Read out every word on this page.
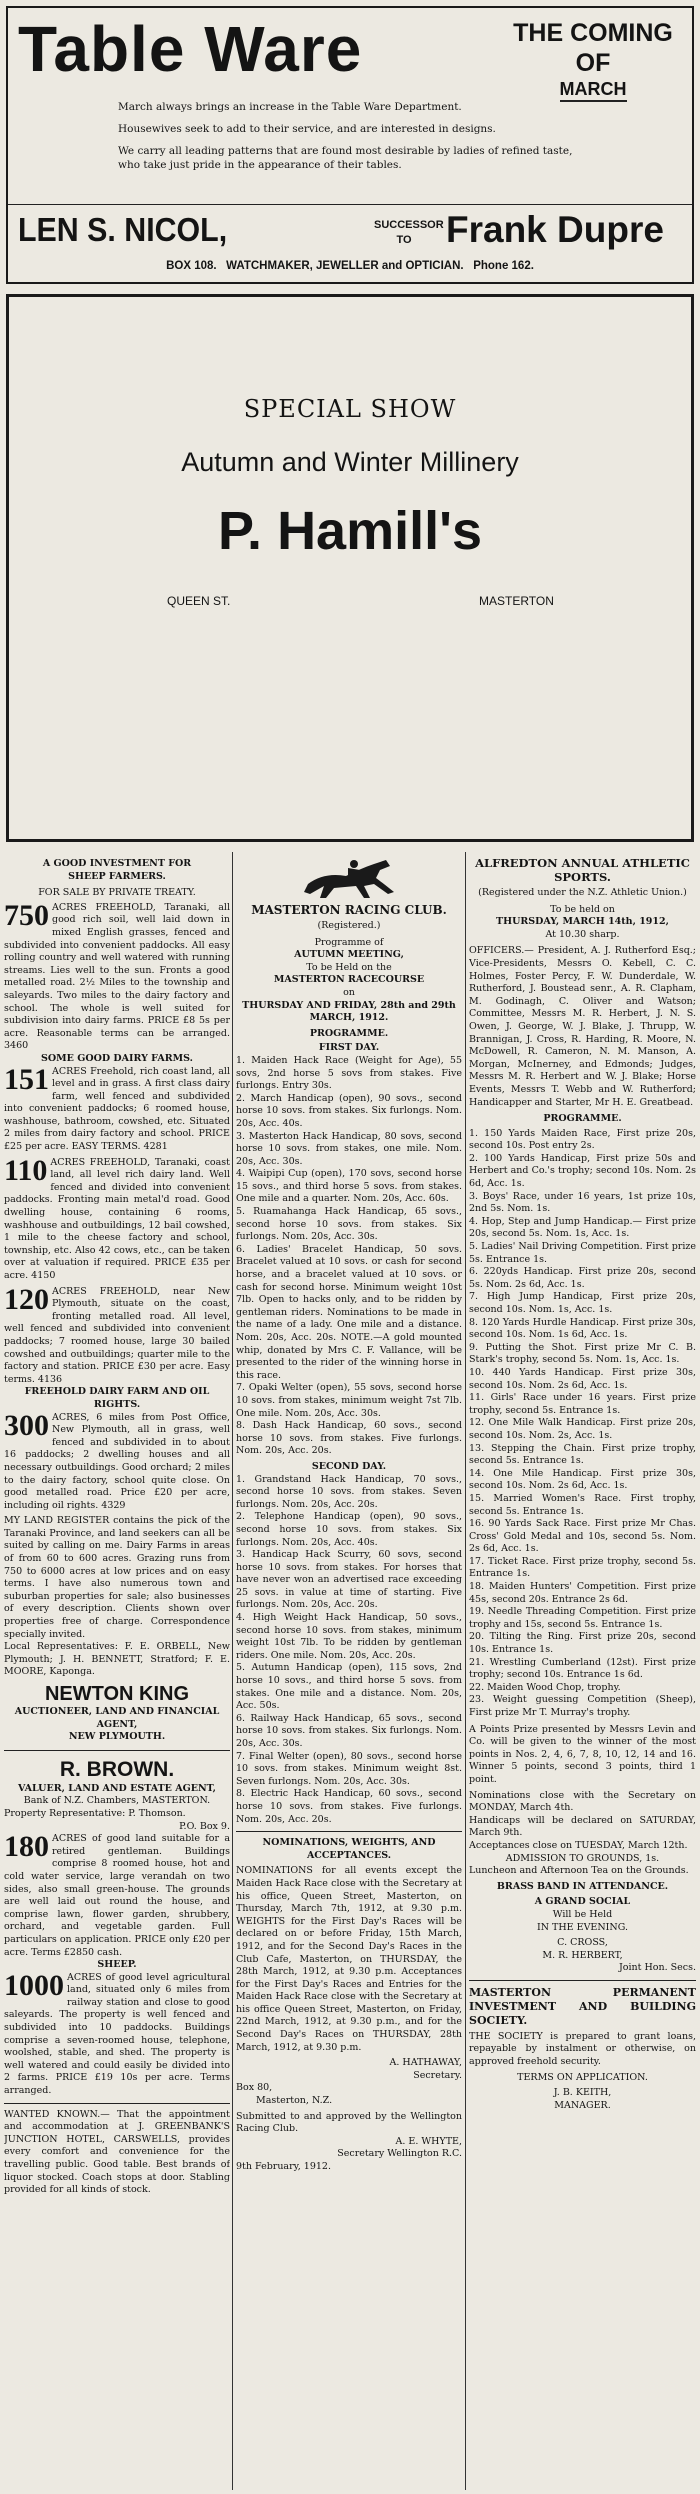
Table Ware	THE COMING OF
MARCH

March always brings an increase in the Table Ware Department.

Housewives seek to add to their service, and are interested in designs.

We carry all leading patterns that are found most desirable by ladies of refined taste, who take just pride in the appearance of their tables.

LEN S. NICOL,	SUCCESSOR TO Frank Dupre
BOX 108.   WATCHMAKER, JEWELLER and OPTICIAN.   Phone 162.
SPECIAL SHOW
Autumn and Winter Millinery
P. Hamill's
QUEEN ST.	MASTERTON
A GOOD INVESTMENT FOR
SHEEP FARMERS.
FOR SALE BY PRIVATE TREATY.
750 ACRES FREEHOLD, Taranaki, all good rich soil, well laid down in mixed English grasses, fenced and subdivided into convenient paddocks. All easy rolling country and well watered with running streams. Lies well to the sun. Fronts a good metalled road. 2½ Miles to the township and saleyards. Two miles to the dairy factory and school. The whole is well suited for subdivision into dairy farms. PRICE £8 5s per acre. Reasonable terms can be arranged. 3460
SOME GOOD DAIRY FARMS.
151 ACRES Freehold, rich coast land, all level and in grass. A first class dairy farm, well fenced and subdivided into convenient paddocks; 6 roomed house, washhouse, bathroom, cowshed, etc. Situated 2 miles from dairy factory and school. PRICE £25 per acre. EASY TERMS. 4281
110 ACRES FREEHOLD, Taranaki, coast land, all level rich dairy land. Well fenced and divided into convenient paddocks. Fronting main metal'd road. Good dwelling house, containing 6 rooms, washhouse and outbuildings, 12 bail cowshed, 1 mile to the cheese factory and school, township, etc. Also 42 cows, etc., can be taken over at valuation if required. PRICE £35 per acre. 4150
120 ACRES FREEHOLD, near New Plymouth, situate on the coast, fronting metalled road. All level, well fenced and subdivided into convenient paddocks; 7 roomed house, large 30 bailed cowshed and outbuildings; quarter mile to the factory and station. PRICE £30 per acre. Easy terms. 4136
FREEHOLD DAIRY FARM AND OIL RIGHTS.
300 ACRES, 6 miles from Post Office, New Plymouth, all in grass, well fenced and subdivided in to about 16 paddocks; 2 dwelling houses and all necessary outbuildings. Good orchard; 2 miles to the dairy factory, school quite close. On good metalled road. Price £20 per acre, including oil rights. 4329

MY LAND REGISTER contains the pick of the Taranaki Province, and land seekers can all be suited by calling on me. Dairy Farms in areas of from 60 to 600 acres. Grazing runs from 750 to 6000 acres at low prices and on easy terms. I have also numerous town and suburban properties for sale; also businesses of every description. Clients shown over properties free of charge. Correspondence specially invited.

Local Representatives: F. E. ORBELL, New Plymouth; J. H. BENNETT, Stratford; F. E. MOORE, Kaponga.

NEWTON KING
AUCTIONEER, LAND AND FINANCIAL AGENT,
NEW PLYMOUTH.
R. BROWN.
VALUER, LAND AND ESTATE AGENT,
Bank of N.Z. Chambers, MASTERTON.
Property Representative: P. Thomson.
P.O. Box 9.
180 ACRES of good land suitable for a retired gentleman. Buildings comprise 8 roomed house, hot and cold water service, large verandah on two sides, also small green-house. The grounds are well laid out round the house, and comprise lawn, flower garden, shrubbery, orchard, and vegetable garden. Full particulars on application. PRICE only £20 per acre. Terms £2850 cash.
SHEEP.
1000 ACRES of good level agricultural land, situated only 6 miles from railway station and close to good saleyards. The property is well fenced and subdivided into 10 paddocks. Buildings comprise a seven-roomed house, telephone, woolshed, stable, and shed. The property is well watered and could easily be divided into 2 farms. PRICE £19 10s per acre. Terms arranged.

WANTED KNOWN.— That the appointment and accommodation at J. GREENBANK'S JUNCTION HOTEL, CARSWELLS, provides every comfort and convenience for the travelling public. Good table. Best brands of liquor stocked. Coach stops at door. Stabling provided for all kinds of stock.

MASTERTON RACING CLUB.
(Registered.)
Programme of
AUTUMN MEETING,
To be Held on the
MASTERTON RACECOURSE
on
THURSDAY AND FRIDAY, 28th and 29th MARCH, 1912.
PROGRAMME.
FIRST DAY.

1. Maiden Hack Race (Weight for Age), 55 sovs, 2nd horse 5 sovs from stakes. Five furlongs. Entry 30s.

2. March Handicap (open), 90 sovs., second horse 10 sovs. from stakes. Six furlongs. Nom. 20s, Acc. 40s.

3. Masterton Hack Handicap, 80 sovs, second horse 10 sovs. from stakes, one mile. Nom. 20s, Acc. 30s.

4. Waipipi Cup (open), 170 sovs, second horse 15 sovs., and third horse 5 sovs. from stakes. One mile and a quarter. Nom. 20s, Acc. 60s.

5. Ruamahanga Hack Handicap, 65 sovs., second horse 10 sovs. from stakes. Six furlongs. Nom. 20s, Acc. 30s.

6. Ladies' Bracelet Handicap, 50 sovs. Bracelet valued at 10 sovs. or cash for second horse, and a bracelet valued at 10 sovs. or cash for second horse. Minimum weight 10st 7lb. Open to hacks only, and to be ridden by gentleman riders. Nominations to be made in the name of a lady. One mile and a distance. Nom. 20s, Acc. 20s. NOTE.—A gold mounted whip, donated by Mrs C. F. Vallance, will be presented to the rider of the winning horse in this race.

7. Opaki Welter (open), 55 sovs, second horse 10 sovs. from stakes, minimum weight 7st 7lb. One mile. Nom. 20s, Acc. 30s.

8. Dash Hack Handicap, 60 sovs., second horse 10 sovs. from stakes. Five furlongs. Nom. 20s, Acc. 20s.

SECOND DAY.

1. Grandstand Hack Handicap, 70 sovs., second horse 10 sovs. from stakes. Seven furlongs. Nom. 20s, Acc. 20s.

2. Telephone Handicap (open), 90 sovs., second horse 10 sovs. from stakes. Six furlongs. Nom. 20s, Acc. 40s.

3. Handicap Hack Scurry, 60 sovs, second horse 10 sovs. from stakes. For horses that have never won an advertised race exceeding 25 sovs. in value at time of starting. Five furlongs. Nom. 20s, Acc. 20s.

4. High Weight Hack Handicap, 50 sovs., second horse 10 sovs. from stakes, minimum weight 10st 7lb. To be ridden by gentleman riders. One mile. Nom. 20s, Acc. 20s.

5. Autumn Handicap (open), 115 sovs, 2nd horse 10 sovs., and third horse 5 sovs. from stakes. One mile and a distance. Nom. 20s, Acc. 50s.

6. Railway Hack Handicap, 65 sovs., second horse 10 sovs. from stakes. Six furlongs. Nom. 20s, Acc. 30s.

7. Final Welter (open), 80 sovs., second horse 10 sovs. from stakes. Minimum weight 8st. Seven furlongs. Nom. 20s, Acc. 30s.

8. Electric Hack Handicap, 60 sovs., second horse 10 sovs. from stakes. Five furlongs. Nom. 20s, Acc. 20s.

NOMINATIONS, WEIGHTS, AND ACCEPTANCES.

NOMINATIONS for all events except the Maiden Hack Race close with the Secretary at his office, Queen Street, Masterton, on Thursday, March 7th, 1912, at 9.30 p.m. WEIGHTS for the First Day's Races will be declared on or before Friday, 15th March, 1912, and for the Second Day's Races in the Club Cafe, Masterton, on THURSDAY, the 28th March, 1912, at 9.30 p.m. Acceptances for the First Day's Races and Entries for the Maiden Hack Race close with the Secretary at his office Queen Street, Masterton, on Friday, 22nd March, 1912, at 9.30 p.m., and for the Second Day's Races on THURSDAY, 28th March, 1912, at 9.30 p.m.

A. HATHAWAY,
Secretary.
Box 80,
Masterton, N.Z.

Submitted to and approved by the Wellington Racing Club.

A. E. WHYTE,
Secretary Wellington R.C.
9th February, 1912.
ALFREDTON ANNUAL ATHLETIC SPORTS.
(Registered under the N.Z. Athletic Union.)
To be held on
THURSDAY, MARCH 14th, 1912,
At 10.30 sharp.

OFFICERS.— President, A. J. Rutherford Esq.; Vice-Presidents, Messrs O. Kebell, C. C. Holmes, Foster Percy, F. W. Dunderdale, W. Rutherford, J. Boustead senr., A. R. Clapham, M. Godinagh, C. Oliver and Watson; Committee, Messrs M. R. Herbert, J. N. S. Owen, J. George, W. J. Blake, J. Thrupp, W. Brannigan, J. Cross, R. Harding, R. Moore, N. McDowell, R. Cameron, N. M. Manson, A. Morgan, McInerney, and Edmonds; Judges, Messrs M. R. Herbert and W. J. Blake; Horse Events, Messrs T. Webb and W. Rutherford; Handicapper and Starter, Mr H. E. Greatbead.

PROGRAMME.

1. 150 Yards Maiden Race, First prize 20s, second 10s. Post entry 2s.

2. 100 Yards Handicap, First prize 50s and Herbert and Co.'s trophy; second 10s. Nom. 2s 6d, Acc. 1s.

3. Boys' Race, under 16 years, 1st prize 10s, 2nd 5s. Nom. 1s.

4. Hop, Step and Jump Handicap.— First prize 20s, second 5s. Nom. 1s, Acc. 1s.

5. Ladies' Nail Driving Competition. First prize 5s. Entrance 1s.

6. 220yds Handicap. First prize 20s, second 5s. Nom. 2s 6d, Acc. 1s.

7. High Jump Handicap, First prize 20s, second 10s. Nom. 1s, Acc. 1s.

8. 120 Yards Hurdle Handicap. First prize 30s, second 10s. Nom. 1s 6d, Acc. 1s.

9. Putting the Shot. First prize Mr C. B. Stark's trophy, second 5s. Nom. 1s, Acc. 1s.

10. 440 Yards Handicap. First prize 30s, second 10s. Nom. 2s 6d, Acc. 1s.

11. Girls' Race under 16 years. First prize trophy, second 5s. Entrance 1s.

12. One Mile Walk Handicap. First prize 20s, second 10s. Nom. 2s, Acc. 1s.

13. Stepping the Chain. First prize trophy, second 5s. Entrance 1s.

14. One Mile Handicap. First prize 30s, second 10s. Nom. 2s 6d, Acc. 1s.

15. Married Women's Race. First trophy, second 5s. Entrance 1s.

16. 90 Yards Sack Race. First prize Mr Chas. Cross' Gold Medal and 10s, second 5s. Nom. 2s 6d, Acc. 1s.

17. Ticket Race. First prize trophy, second 5s. Entrance 1s.

18. Maiden Hunters' Competition. First prize 45s, second 20s. Entrance 2s 6d.

19. Needle Threading Competition. First prize trophy and 15s, second 5s. Entrance 1s.

20. Tilting the Ring. First prize 20s, second 10s. Entrance 1s.

21. Wrestling Cumberland (12st). First prize trophy; second 10s. Entrance 1s 6d.

22. Maiden Wood Chop, trophy.

23. Weight guessing Competition (Sheep), First prize Mr T. Murray's trophy.

A Points Prize presented by Messrs Levin and Co. will be given to the winner of the most points in Nos. 2, 4, 6, 7, 8, 10, 12, 14 and 16. Winner 5 points, second 3 points, third 1 point.

Nominations close with the Secretary on MONDAY, March 4th.

Handicaps will be declared on SATURDAY, March 9th.

Acceptances close on TUESDAY, March 12th.

ADMISSION TO GROUNDS, 1s.

Luncheon and Afternoon Tea on the Grounds.

BRASS BAND IN ATTENDANCE.
A GRAND SOCIAL
Will be Held
IN THE EVENING.
C. CROSS,
M. R. HERBERT,
Joint Hon. Secs.
MASTERTON PERMANENT INVESTMENT AND BUILDING SOCIETY.

THE SOCIETY is prepared to grant loans, repayable by instalment or otherwise, on approved freehold security.

TERMS ON APPLICATION.
J. B. KEITH,
MANAGER.
